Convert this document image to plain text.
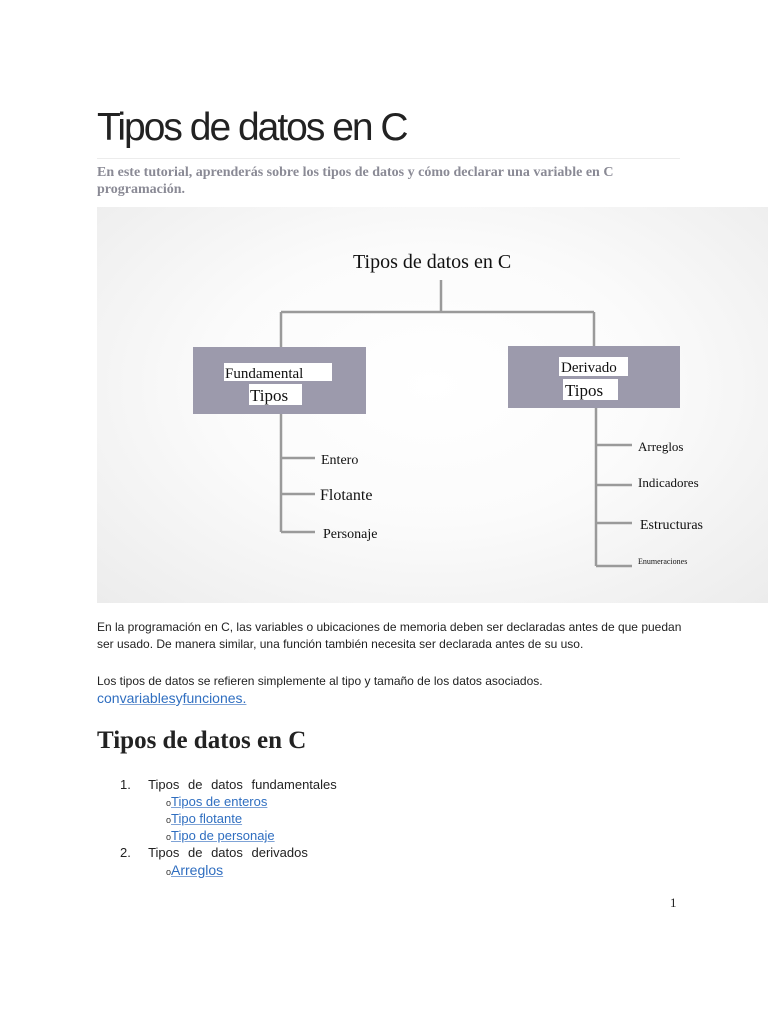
Tipos de datos en C

En este tutorial, aprenderás sobre los tipos de datos y cómo declarar una variable en C programación.

Tipos de datos en C
Fundamental
Tipos
Derivado
Tipos
Entero
Flotante
Personaje
Arreglos
Indicadores
Estructuras
Enumeraciones

En la programación en C, las variables o ubicaciones de memoria deben ser declaradas antes de que puedan ser usado. De manera similar, una función también necesita ser declarada antes de su uso.

Los tipos de datos se refieren simplemente al tipo y tamaño de los datos asociados.

convariablesyfunciones.
Tipos de datos en C
1.  Tipos de datos fundamentales
oTipos de enteros
oTipo flotante
oTipo de personaje
2.  Tipos de datos derivados
oArreglos
1
